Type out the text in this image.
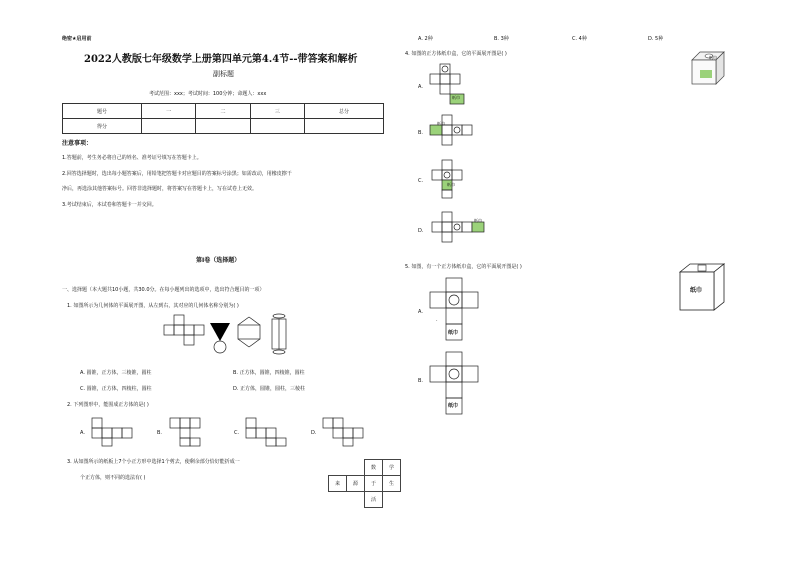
绝密★启用前
2022人教版七年级数学上册第四单元第4.4节--带答案和解析
副标题
考试范围：xxx；考试时间：100分钟；命题人：xxx
题号	一	二	三	总分
得分				
注意事项：
1.答题前，考生务必将自己的姓名、准考证号填写在答题卡上。
2.回答选择题时，选出每小题答案后，用铅笔把答题卡对应题目的答案标号涂黑；如需改动，用橡皮擦干
净后，再选涂其他答案标号。回答非选择题时，将答案写在答题卡上，写在试卷上无效。
3.考试结束后，本试卷和答题卡一并交回。
第I卷（选择题）
一、选择题（本大题共10小题，共30.0分。在每小题列出的选项中，选出符合题目的一项）
1. 如图所示为几何体的平面展开图，从左到右，其对应的几何体名称分别为( )
A. 圆锥，正方体，三棱锥，圆柱	B. 正方体，圆锥，四棱锥，圆柱
C. 圆锥，正方体，四棱柱，圆柱	D. 正方体，圆锥，圆柱，三棱柱
2. 下列图形中，能围成正方体的是( )
A.	B.	C.	D.
3. 从如图所示的纸板上7个小正方形中选择1个剪去，使剩余部分恰好能折成一
个正方体，则不同的选法有( )
		数	学
来	源	于	生
		活	
A. 2种	B. 3种	C. 4种	D. 5种
4. 如图的正方体纸巾盒，它的平面展开图是( )
纸巾
A.
纸巾
B.
纸巾
C.
纸巾
D.
纸巾
5. 如图，有一个正方体纸巾盒，它的平面展开图是( )
纸巾
A.
.
纸巾
B.
纸巾
